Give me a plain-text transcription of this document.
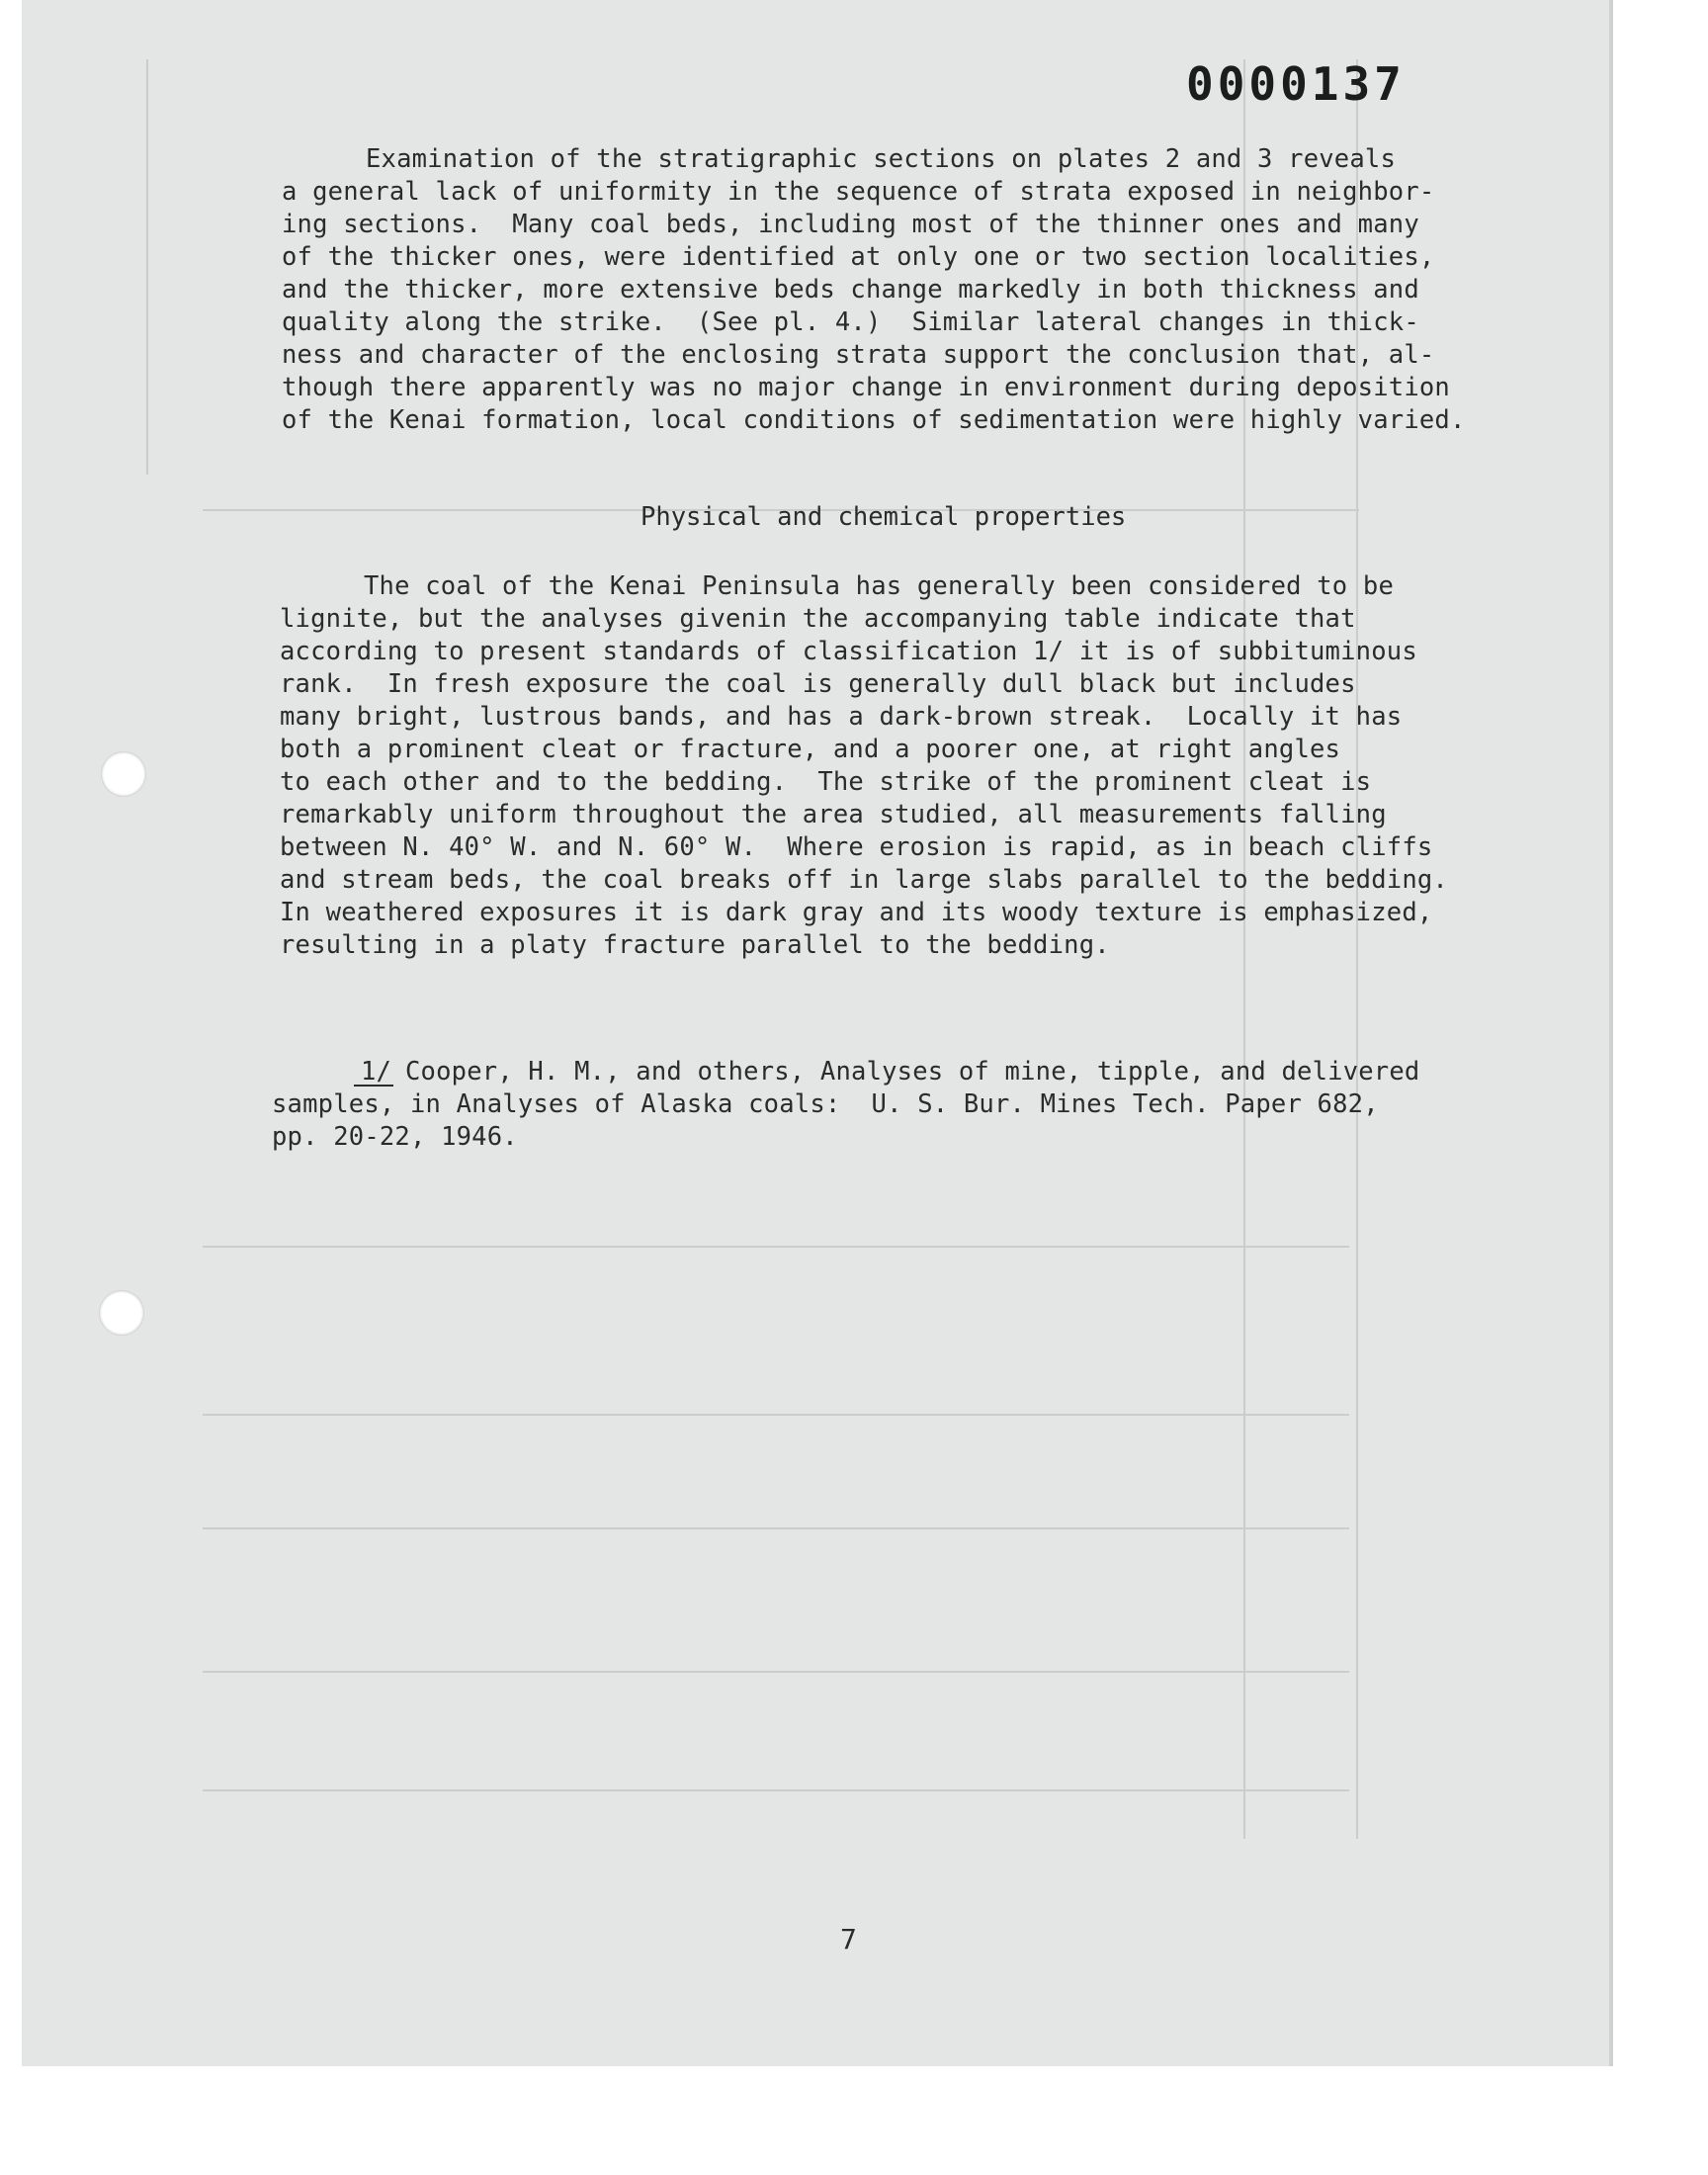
0000137

Examination of the stratigraphic sections on plates 2 and 3 reveals

a general lack of uniformity in the sequence of strata exposed in neighbor-

ing sections.  Many coal beds, including most of the thinner ones and many

of the thicker ones, were identified at only one or two section localities,

and the thicker, more extensive beds change markedly in both thickness and

quality along the strike.  (See pl. 4.)  Similar lateral changes in thick-

ness and character of the enclosing strata support the conclusion that, al-

though there apparently was no major change in environment during deposition

of the Kenai formation, local conditions of sedimentation were highly varied.

Physical and chemical properties

The coal of the Kenai Peninsula has generally been considered to be

lignite, but the analyses givenin the accompanying table indicate that

according to present standards of classification 1/ it is of subbituminous

rank.  In fresh exposure the coal is generally dull black but includes

many bright, lustrous bands, and has a dark-brown streak.  Locally it has

both a prominent cleat or fracture, and a poorer one, at right angles

to each other and to the bedding.  The strike of the prominent cleat is

remarkably uniform throughout the area studied, all measurements falling

between N. 40° W. and N. 60° W.  Where erosion is rapid, as in beach cliffs

and stream beds, the coal breaks off in large slabs parallel to the bedding.

In weathered exposures it is dark gray and its woody texture is emphasized,

resulting in a platy fracture parallel to the bedding.

1/ Cooper, H. M., and others, Analyses of mine, tipple, and delivered

samples, in Analyses of Alaska coals:  U. S. Bur. Mines Tech. Paper 682,

pp. 20-22, 1946.

7
